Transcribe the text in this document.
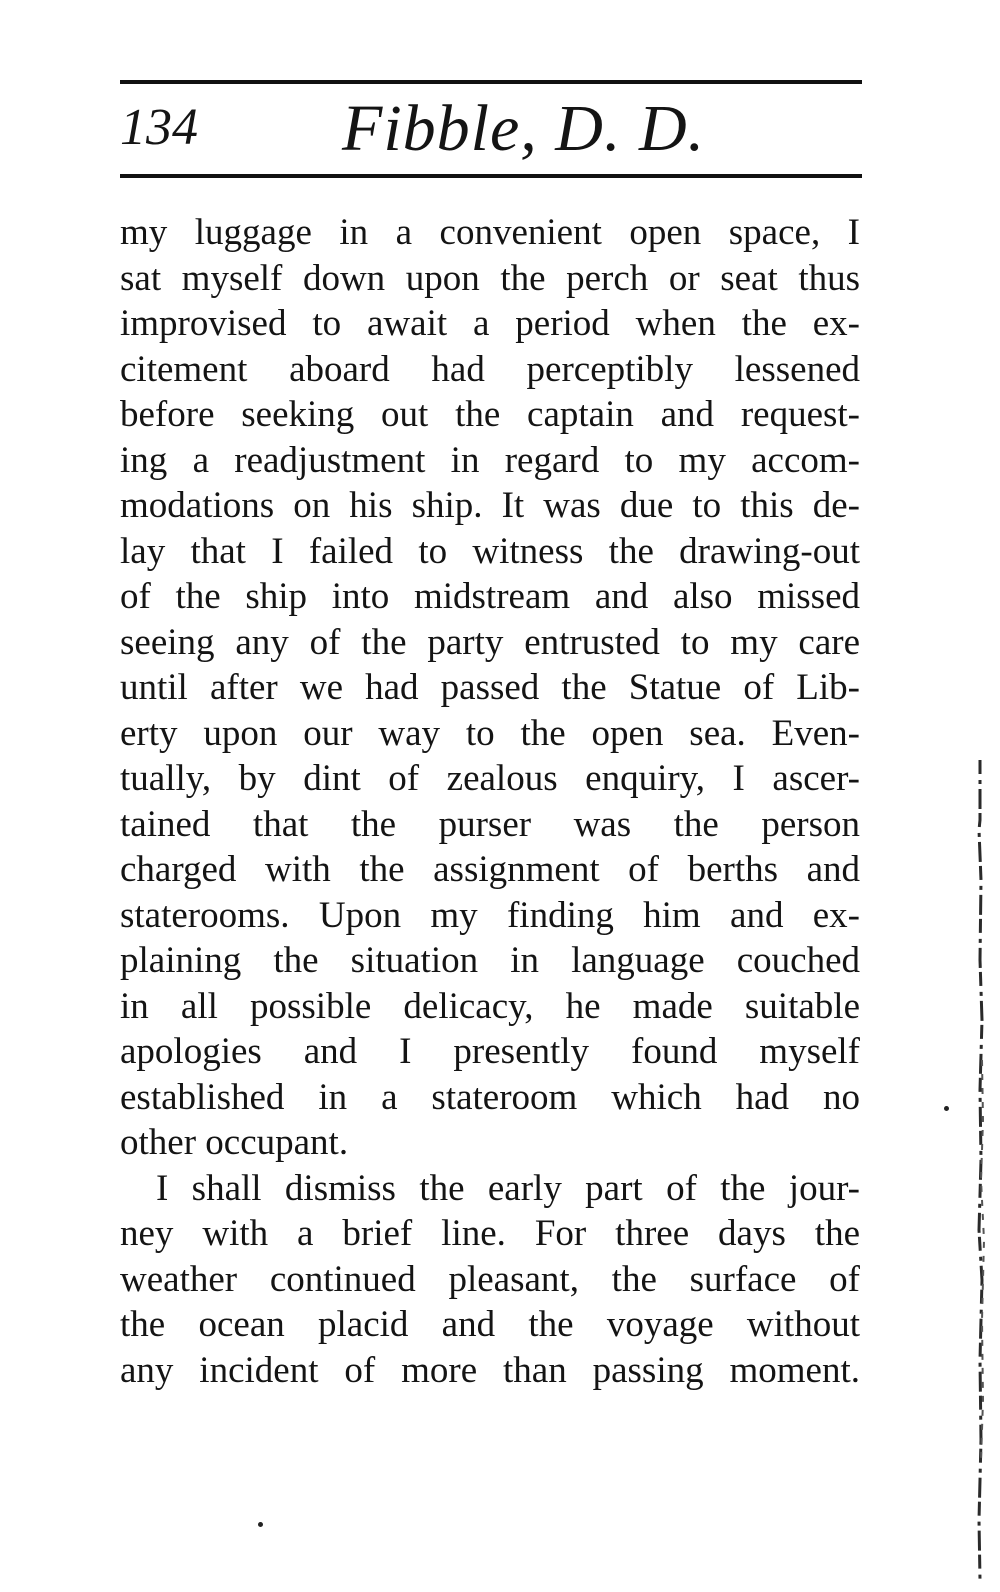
134 Fibble, D. D.
my luggage in a convenient open space, I
sat myself down upon the perch or seat thus
improvised to await a period when the ex-
citement aboard had perceptibly lessened
before seeking out the captain and request-
ing a readjustment in regard to my accom-
modations on his ship. It was due to this de-
lay that I failed to witness the drawing-out
of the ship into midstream and also missed
seeing any of the party entrusted to my care
until after we had passed the Statue of Lib-
erty upon our way to the open sea. Even-
tually, by dint of zealous enquiry, I ascer-
tained that the purser was the person
charged with the assignment of berths and
staterooms. Upon my finding him and ex-
plaining the situation in language couched
in all possible delicacy, he made suitable
apologies and I presently found myself
established in a stateroom which had no
other occupant.
I shall dismiss the early part of the jour-
ney with a brief line. For three days the
weather continued pleasant, the surface of
the ocean placid and the voyage without
any incident of more than passing moment.
